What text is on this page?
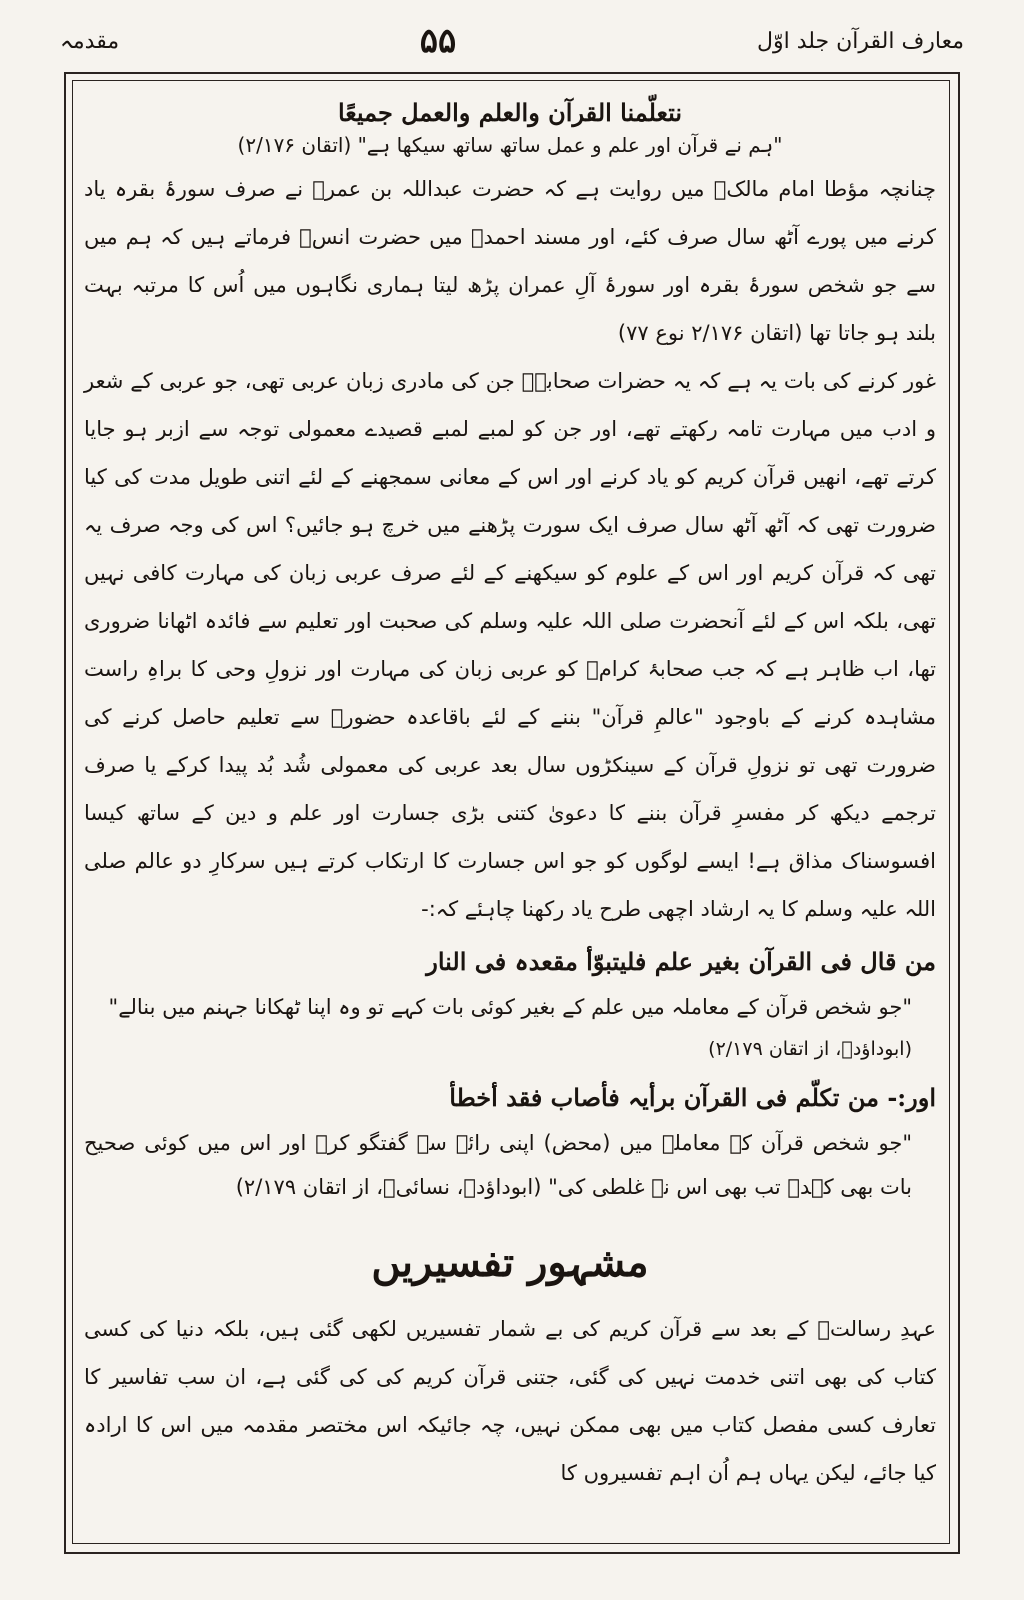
معارف القرآن جلد اوّل
۵۵
مقدمہ
نتعلّمنا القرآن والعلم والعمل جميعًا
"ہم نے قرآن اور علم و عمل ساتھ ساتھ سیکھا ہے" (اتقان ۲/۱۷۶)

چنانچہ مؤطا امام مالکؒ میں روایت ہے کہ حضرت عبداللہ بن عمرؓ نے صرف سورۂ بقرہ یاد کرنے میں پورے آٹھ سال صرف کئے، اور مسند احمدؒ میں حضرت انسؓ فرماتے ہیں کہ ہم میں سے جو شخص سورۂ بقرہ اور سورۂ آلِ عمران پڑھ لیتا ہماری نگاہوں میں اُس کا مرتبہ بہت بلند ہو جاتا تھا (اتقان ۲/۱۷۶ نوع ۷۷)

غور کرنے کی بات یہ ہے کہ یہ حضرات صحابہؓ جن کی مادری زبان عربی تھی، جو عربی کے شعر و ادب میں مہارت تامہ رکھتے تھے، اور جن کو لمبے لمبے قصیدے معمولی توجہ سے ازبر ہو جایا کرتے تھے، انھیں قرآن کریم کو یاد کرنے اور اس کے معانی سمجھنے کے لئے اتنی طویل مدت کی کیا ضرورت تھی کہ آٹھ آٹھ سال صرف ایک سورت پڑھنے میں خرچ ہو جائیں؟ اس کی وجہ صرف یہ تھی کہ قرآن کریم اور اس کے علوم کو سیکھنے کے لئے صرف عربی زبان کی مہارت کافی نہیں تھی، بلکہ اس کے لئے آنحضرت صلی اللہ علیہ وسلم کی صحبت اور تعلیم سے فائدہ اٹھانا ضروری تھا، اب ظاہر ہے کہ جب صحابۂ کرامؓ کو عربی زبان کی مہارت اور نزولِ وحی کا براہِ راست مشاہدہ کرنے کے باوجود "عالمِ قرآن" بننے کے لئے باقاعدہ حضورؐ سے تعلیم حاصل کرنے کی ضرورت تھی تو نزولِ قرآن کے سینکڑوں سال بعد عربی کی معمولی شُد بُد پیدا کرکے یا صرف ترجمے دیکھ کر مفسرِ قرآن بننے کا دعویٰ کتنی بڑی جسارت اور علم و دین کے ساتھ کیسا افسوسناک مذاق ہے! ایسے لوگوں کو جو اس جسارت کا ارتکاب کرتے ہیں سرکارِ دو عالم صلی اللہ علیہ وسلم کا یہ ارشاد اچھی طرح یاد رکھنا چاہئے کہ:-

من قال فی القرآن بغیر علم فلیتبوّأ مقعدہ فی النار

"جو شخص قرآن کے معاملہ میں علم کے بغیر کوئی بات کہے تو وہ اپنا ٹھکانا جہنم میں بنالے"

(ابوداؤدؒ، از اتقان ۲/۱۷۹)

اور:- من تکلّم فی القرآن برأیہ فأصاب فقد أخطأ

"جو شخص قرآن کے معاملے میں (محض) اپنی رائے سے گفتگو کرے اور اس میں کوئی صحیح بات بھی کہدے تب بھی اس نے غلطی کی" (ابوداؤدؒ، نسائیؒ، از اتقان ۲/۱۷۹)

مشہور تفسیریں

عہدِ رسالتؐ کے بعد سے قرآن کریم کی بے شمار تفسیریں لکھی گئی ہیں، بلکہ دنیا کی کسی کتاب کی بھی اتنی خدمت نہیں کی گئی، جتنی قرآن کریم کی کی گئی ہے، ان سب تفاسیر کا تعارف کسی مفصل کتاب میں بھی ممکن نہیں، چہ جائیکہ اس مختصر مقدمہ میں اس کا ارادہ کیا جائے، لیکن یہاں ہم اُن اہم تفسیروں کا
